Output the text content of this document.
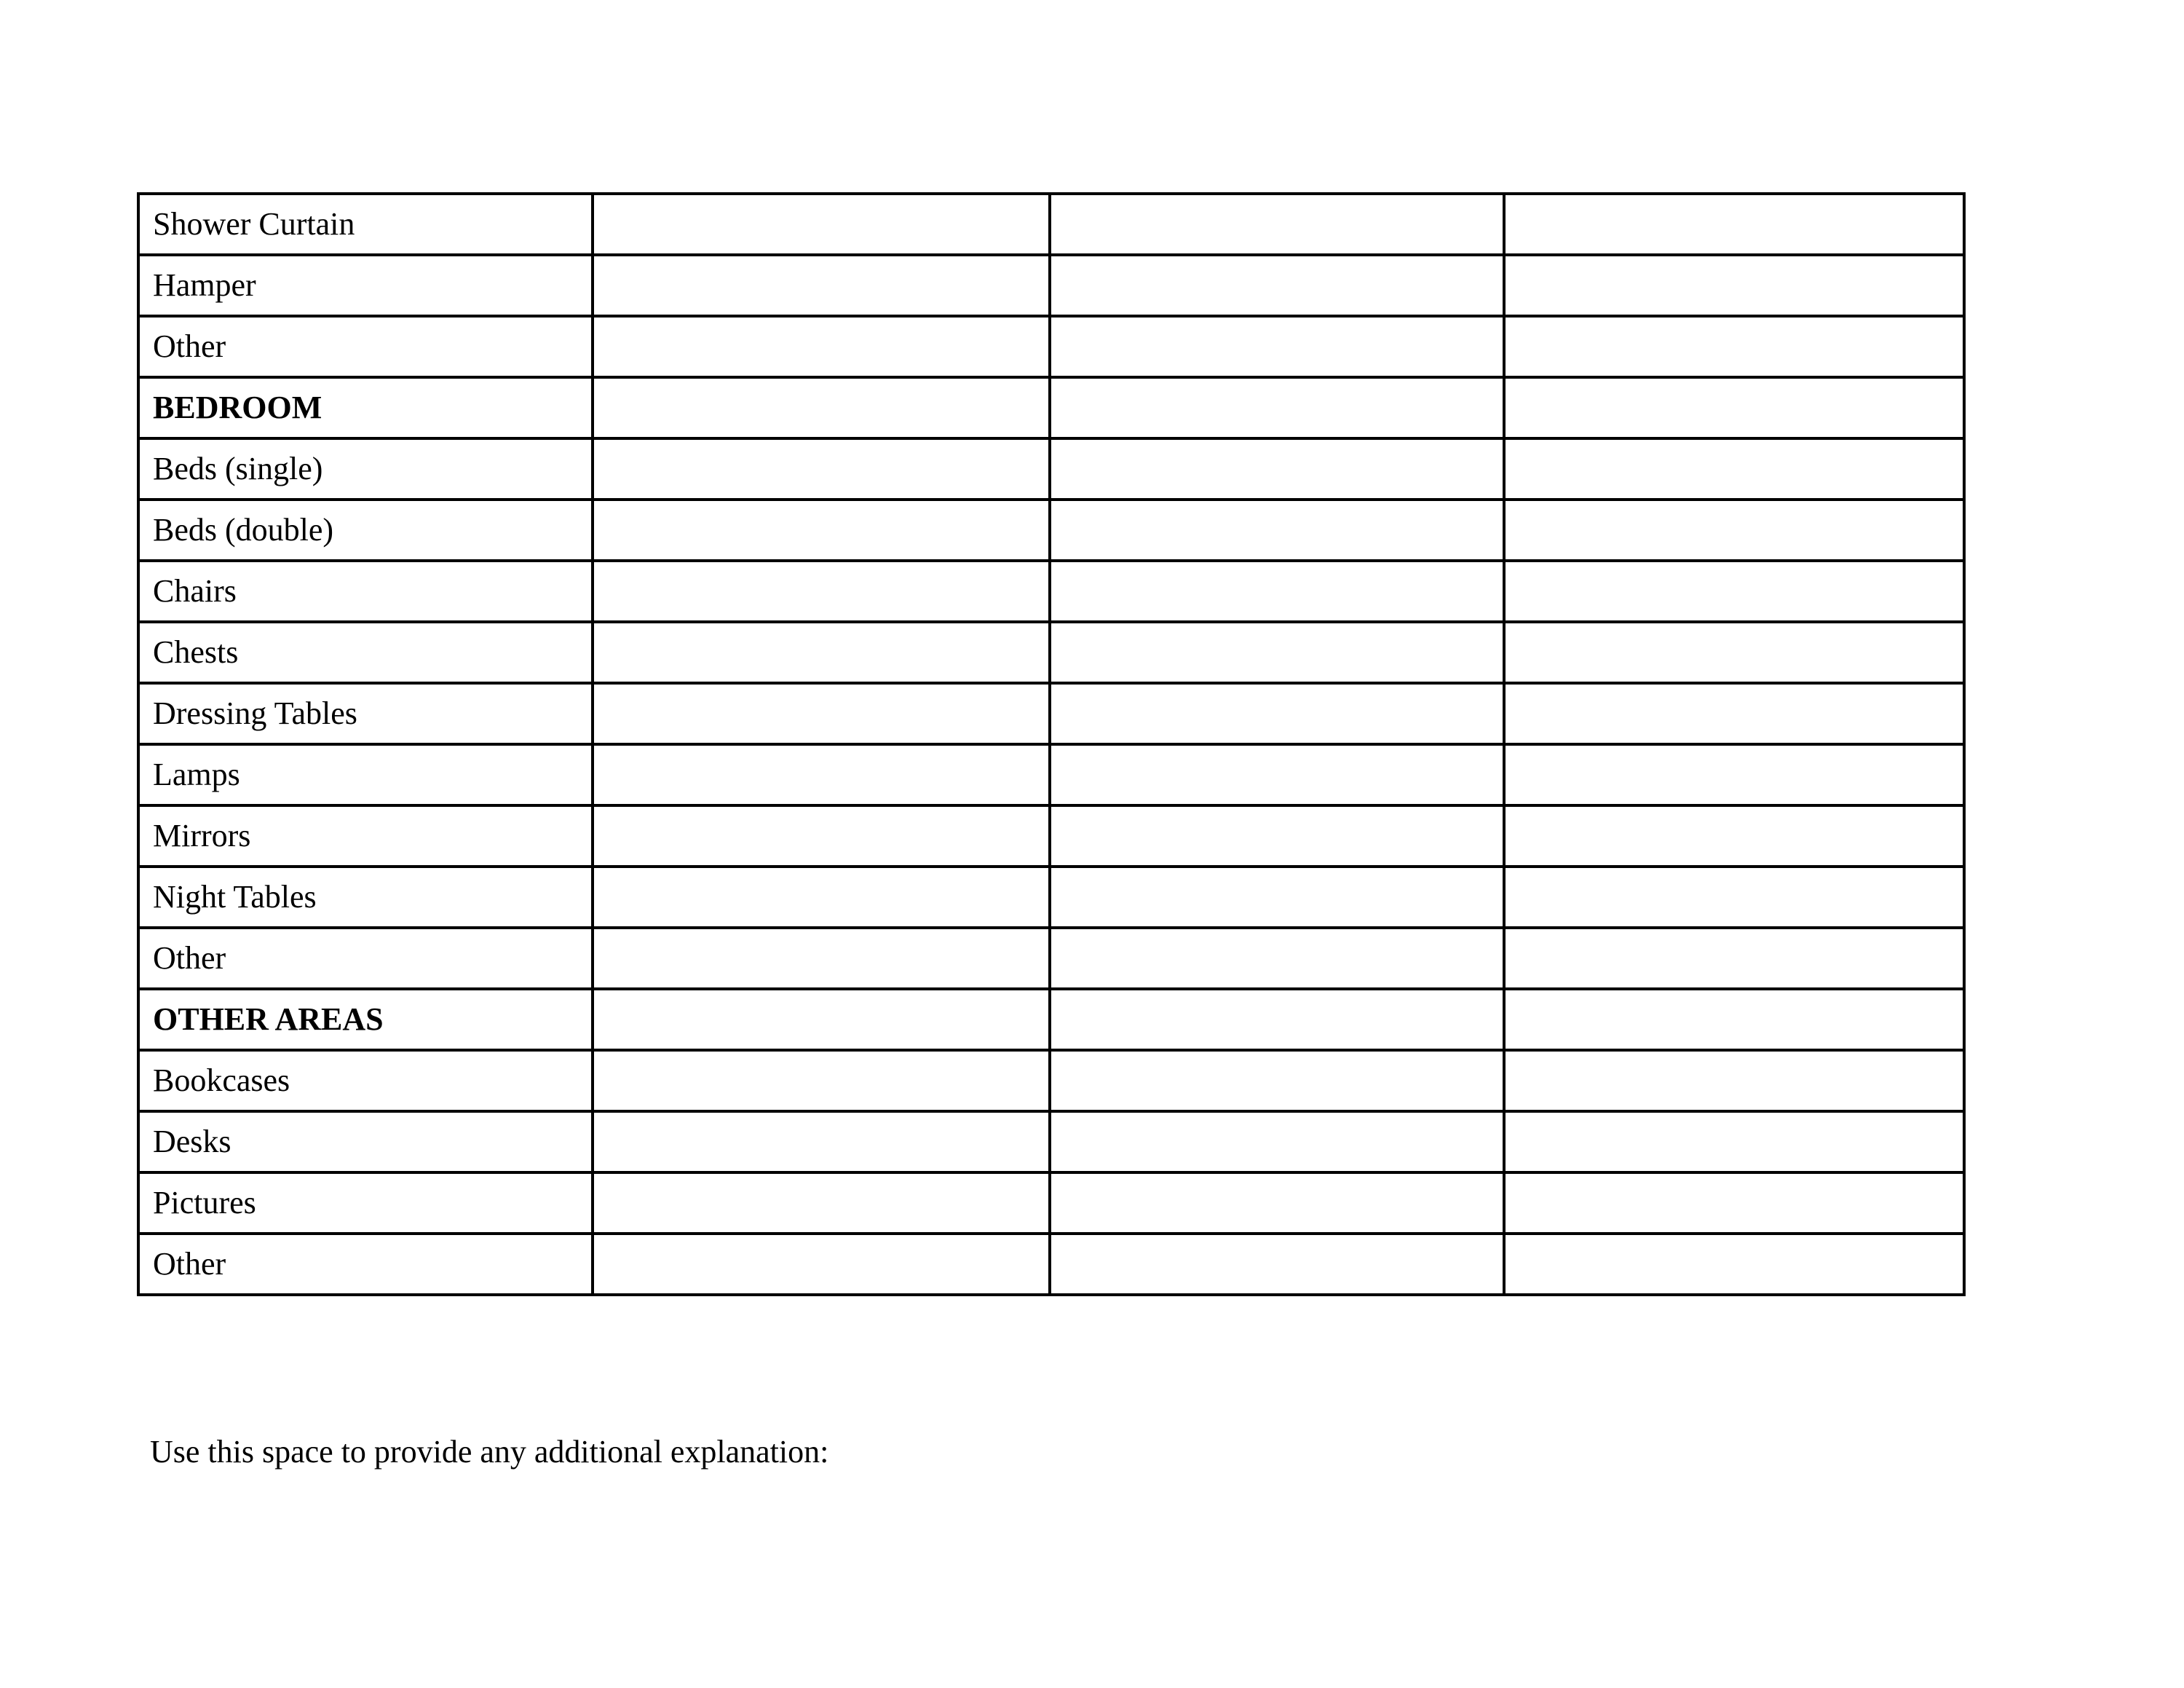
Shower Curtain			
Hamper			
Other			
BEDROOM			
Beds (single)			
Beds (double)			
Chairs			
Chests			
Dressing Tables			
Lamps			
Mirrors			
Night Tables			
Other			
OTHER AREAS			
Bookcases			
Desks			
Pictures			
Other			
Use this space to provide any additional explanation:
